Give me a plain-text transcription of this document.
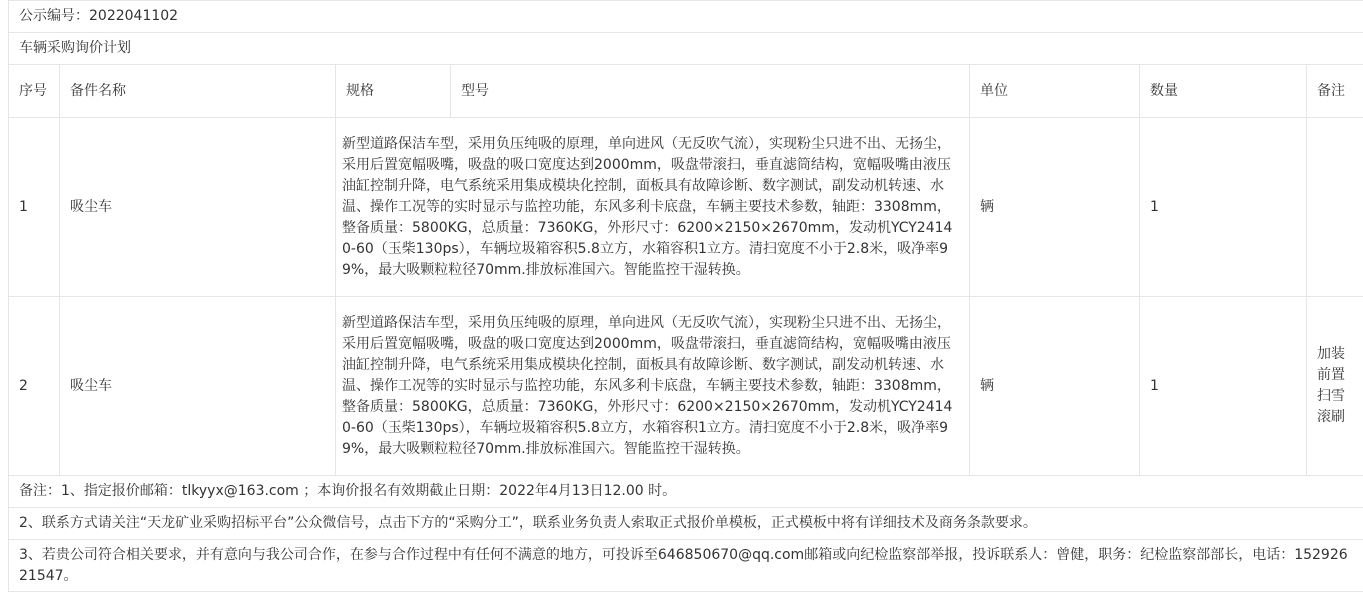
公示编号：2022041102						
车辆采购询价计划						
序号	备件名称	规格	型号	单位	数量	备注
1	吸尘车	新型道路保洁车型，采用负压纯吸的原理，单向进风（无反吹气流），实现粉尘只进不出、无扬尘，采用后置宽幅吸嘴，吸盘的吸口宽度达到2000mm，吸盘带滚扫，垂直滤筒结构，宽幅吸嘴由液压油缸控制升降，电气系统采用集成模块化控制，面板具有故障诊断、数字测试，副发动机转速、水温、操作工况等的实时显示与监控功能，东风多利卡底盘，车辆主要技术参数，轴距：3308mm，整备质量：5800KG，总质量：7360KG，外形尺寸：6200×2150×2670mm，发动机YCY24140-60（玉柴130ps），车辆垃圾箱容积5.8立方，水箱容积1立方。清扫宽度不小于2.8米，吸净率99%，最大吸颗粒粒径70mm.排放标准国六。智能监控干湿转换。		辆	1	
2	吸尘车	新型道路保洁车型，采用负压纯吸的原理，单向进风（无反吹气流），实现粉尘只进不出、无扬尘，采用后置宽幅吸嘴，吸盘的吸口宽度达到2000mm，吸盘带滚扫，垂直滤筒结构，宽幅吸嘴由液压油缸控制升降，电气系统采用集成模块化控制，面板具有故障诊断、数字测试，副发动机转速、水温、操作工况等的实时显示与监控功能，东风多利卡底盘，车辆主要技术参数，轴距：3308mm，整备质量：5800KG，总质量：7360KG，外形尺寸：6200×2150×2670mm，发动机YCY24140-60（玉柴130ps），车辆垃圾箱容积5.8立方，水箱容积1立方。清扫宽度不小于2.8米，吸净率99%，最大吸颗粒粒径70mm.排放标准国六。智能监控干湿转换。		辆	1	加装前置扫雪滚刷
备注：1、指定报价邮箱：tlkyyx@163.com ；本询价报名有效期截止日期：2022年4月13日12.00 时。						
2、联系方式请关注“天龙矿业采购招标平台”公众微信号，点击下方的“采购分工”，联系业务负责人索取正式报价单模板，正式模板中将有详细技术及商务条款要求。						
3、若贵公司符合相关要求，并有意向与我公司合作，在参与合作过程中有任何不满意的地方，可投诉至646850670@qq.com邮箱或向纪检监察部举报，投诉联系人：曾健，职务：纪检监察部部长，电话：15292621547。						
